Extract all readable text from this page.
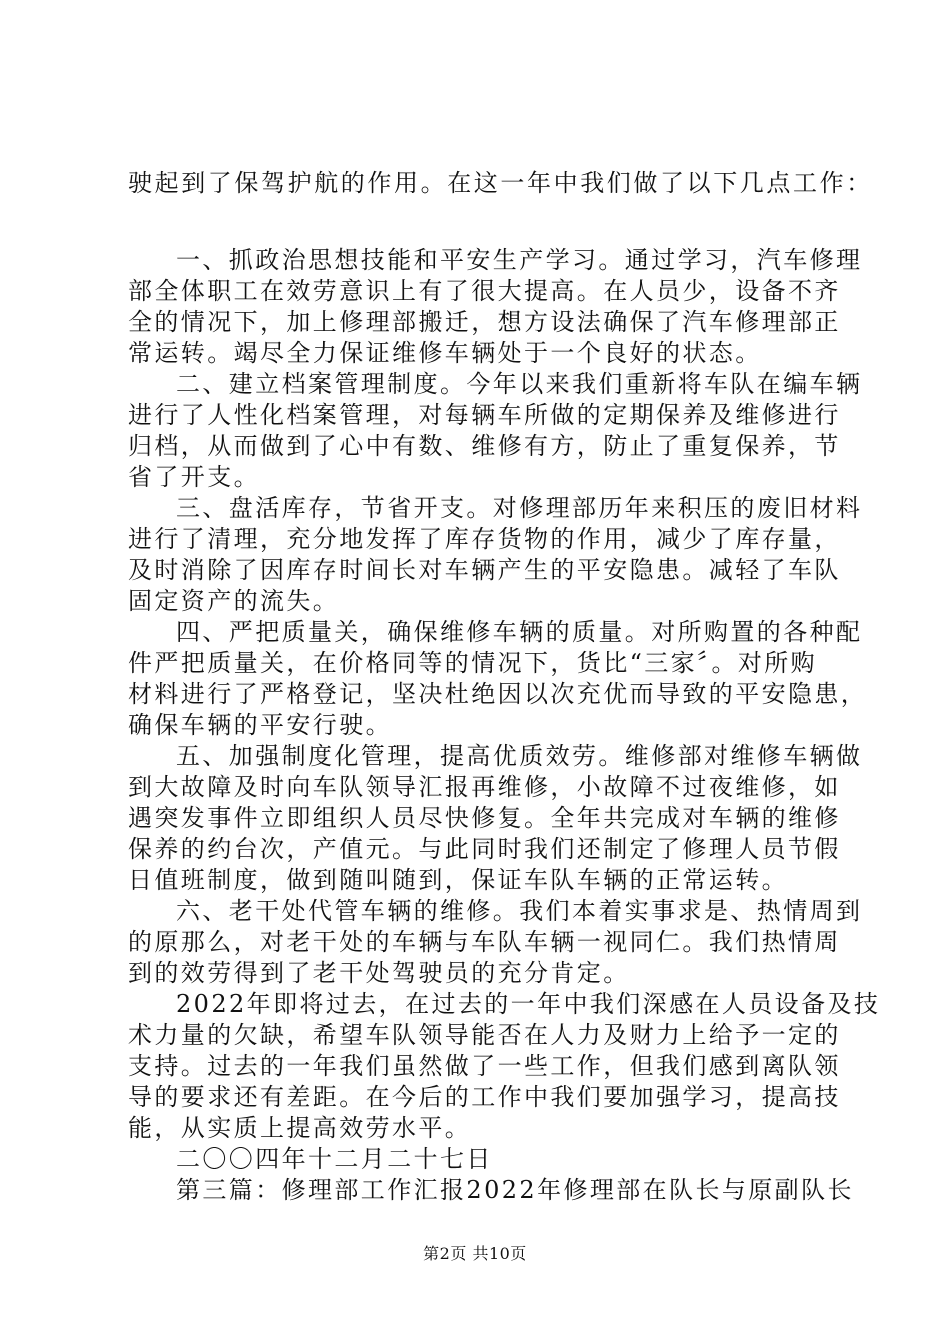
驶起到了保驾护航的作用。在这一年中我们做了以下几点工作：
一、抓政治思想技能和平安生产学习。通过学习，汽车修理
部全体职工在效劳意识上有了很大提高。在人员少，设备不齐
全的情况下，加上修理部搬迁，想方设法确保了汽车修理部正
常运转。竭尽全力保证维修车辆处于一个良好的状态。
二、建立档案管理制度。今年以来我们重新将车队在编车辆
进行了人性化档案管理，对每辆车所做的定期保养及维修进行
归档，从而做到了心中有数、维修有方，防止了重复保养，节
省了开支。
三、盘活库存，节省开支。对修理部历年来积压的废旧材料
进行了清理，充分地发挥了库存货物的作用，减少了库存量，
及时消除了因库存时间长对车辆产生的平安隐患。减轻了车队
固定资产的流失。
四、严把质量关，确保维修车辆的质量。对所购置的各种配
件严把质量关，在价格同等的情况下，货比“三家〞。对所购
材料进行了严格登记，坚决杜绝因以次充优而导致的平安隐患，
确保车辆的平安行驶。
五、加强制度化管理，提高优质效劳。维修部对维修车辆做
到大故障及时向车队领导汇报再维修，小故障不过夜维修，如
遇突发事件立即组织人员尽快修复。全年共完成对车辆的维修
保养的约台次，产值元。与此同时我们还制定了修理人员节假
日值班制度，做到随叫随到，保证车队车辆的正常运转。
六、老干处代管车辆的维修。我们本着实事求是、热情周到
的原那么，对老干处的车辆与车队车辆一视同仁。我们热情周
到的效劳得到了老干处驾驶员的充分肯定。
2022年即将过去，在过去的一年中我们深感在人员设备及技
术力量的欠缺，希望车队领导能否在人力及财力上给予一定的
支持。过去的一年我们虽然做了一些工作，但我们感到离队领
导的要求还有差距。在今后的工作中我们要加强学习，提高技
能，从实质上提高效劳水平。
二〇〇四年十二月二十七日
第三篇：修理部工作汇报2022年修理部在队长与原副队长
第2页 共10页
